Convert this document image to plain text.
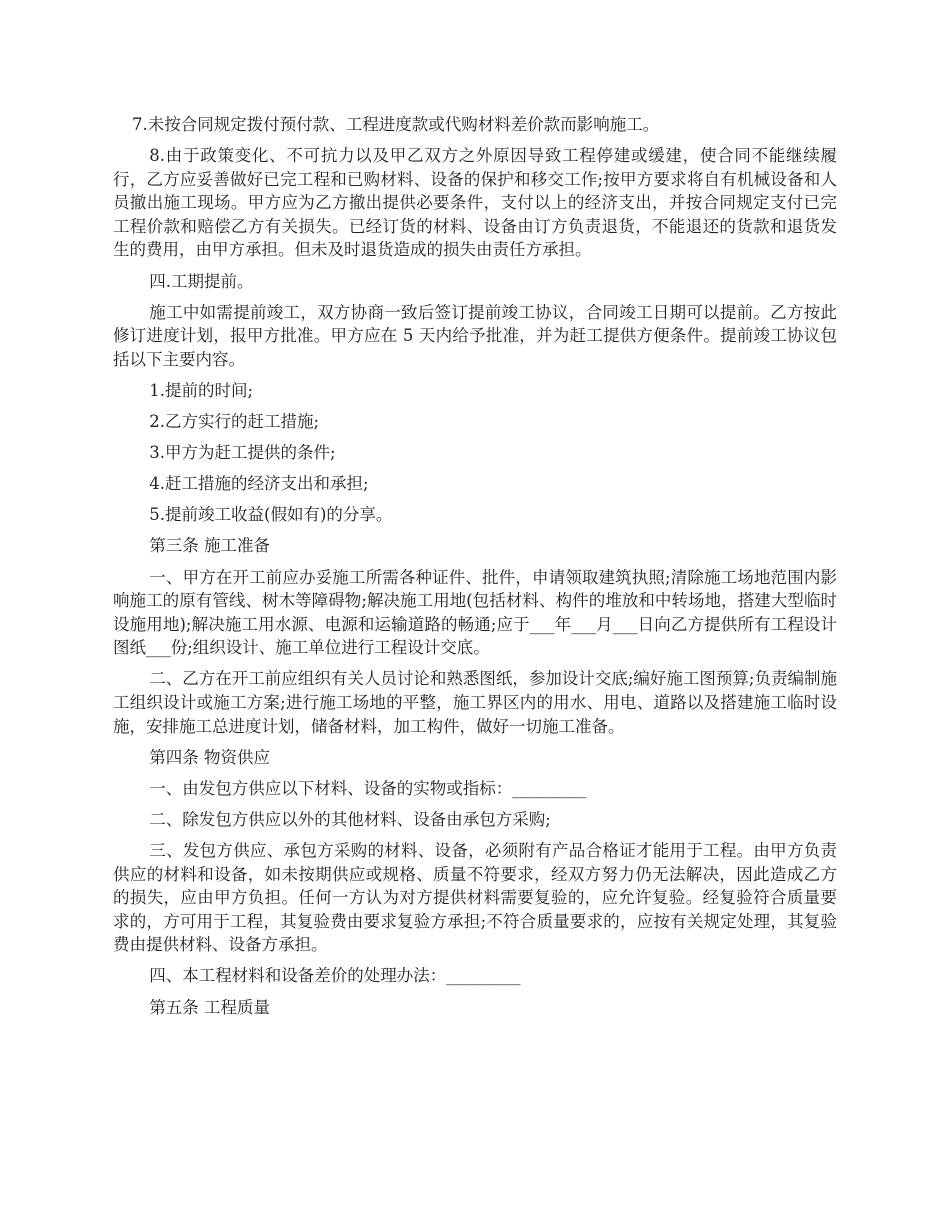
7.未按合同规定拨付预付款、工程进度款或代购材料差价款而影响施工。

8.由于政策变化、不可抗力以及甲乙双方之外原因导致工程停建或缓建，使合同不能继续履行，乙方应妥善做好已完工程和已购材料、设备的保护和移交工作;按甲方要求将自有机械设备和人员撤出施工现场。甲方应为乙方撤出提供必要条件，支付以上的经济支出，并按合同规定支付已完工程价款和赔偿乙方有关损失。已经订货的材料、设备由订方负责退货，不能退还的货款和退货发生的费用，由甲方承担。但未及时退货造成的损失由责任方承担。

四.工期提前。

施工中如需提前竣工，双方协商一致后签订提前竣工协议，合同竣工日期可以提前。乙方按此修订进度计划，报甲方批准。甲方应在 5 天内给予批准，并为赶工提供方便条件。提前竣工协议包括以下主要内容。

1.提前的时间;

2.乙方实行的赶工措施;

3.甲方为赶工提供的条件;

4.赶工措施的经济支出和承担;

5.提前竣工收益(假如有)的分享。

第三条 施工准备

一、甲方在开工前应办妥施工所需各种证件、批件，申请领取建筑执照;清除施工场地范围内影响施工的原有管线、树木等障碍物;解决施工用地(包括材料、构件的堆放和中转场地，搭建大型临时设施用地);解决施工用水源、电源和运输道路的畅通;应于___年___月___日向乙方提供所有工程设计图纸___份;组织设计、施工单位进行工程设计交底。

二、乙方在开工前应组织有关人员讨论和熟悉图纸，参加设计交底;编好施工图预算;负责编制施工组织设计或施工方案;进行施工场地的平整，施工界区内的用水、用电、道路以及搭建施工临时设施，安排施工总进度计划，储备材料，加工构件，做好一切施工准备。

第四条 物资供应

一、由发包方供应以下材料、设备的实物或指标：_________

二、除发包方供应以外的其他材料、设备由承包方采购;

三、发包方供应、承包方采购的材料、设备，必须附有产品合格证才能用于工程。由甲方负责供应的材料和设备，如未按期供应或规格、质量不符要求，经双方努力仍无法解决，因此造成乙方的损失，应由甲方负担。任何一方认为对方提供材料需要复验的，应允许复验。经复验符合质量要求的，方可用于工程，其复验费由要求复验方承担;不符合质量要求的，应按有关规定处理，其复验费由提供材料、设备方承担。

四、本工程材料和设备差价的处理办法：_________

第五条 工程质量
